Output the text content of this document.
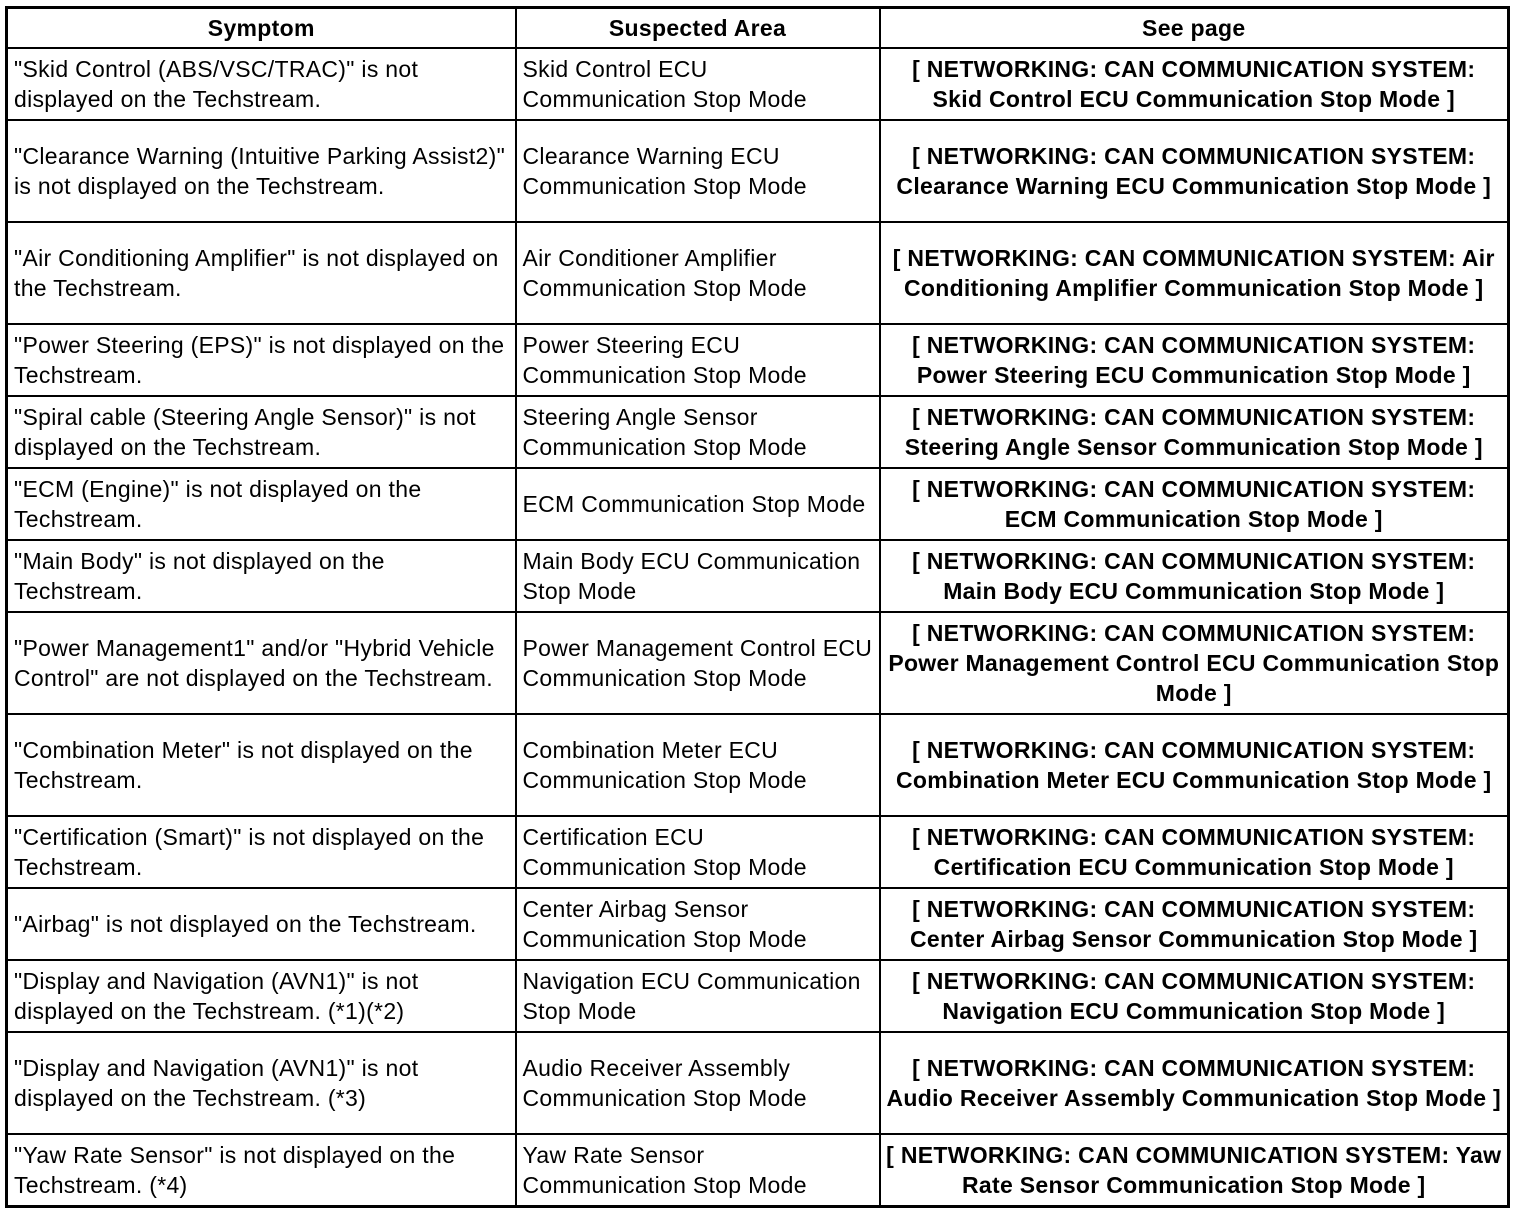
Symptom	Suspected Area	See page
"Skid Control (ABS/VSC/TRAC)" is not displayed on the Techstream.	Skid Control ECU Communication Stop Mode	[ NETWORKING: CAN COMMUNICATION SYSTEM: Skid Control ECU Communication Stop Mode ]
"Clearance Warning (Intuitive Parking Assist2)" is not displayed on the Techstream.	Clearance Warning ECU Communication Stop Mode	[ NETWORKING: CAN COMMUNICATION SYSTEM: Clearance Warning ECU Communication Stop Mode ]
"Air Conditioning Amplifier" is not displayed on the Techstream.	Air Conditioner Amplifier Communication Stop Mode	[ NETWORKING: CAN COMMUNICATION SYSTEM: Air Conditioning Amplifier Communication Stop Mode ]
"Power Steering (EPS)" is not displayed on the Techstream.	Power Steering ECU Communication Stop Mode	[ NETWORKING: CAN COMMUNICATION SYSTEM: Power Steering ECU Communication Stop Mode ]
"Spiral cable (Steering Angle Sensor)" is not displayed on the Techstream.	Steering Angle Sensor Communication Stop Mode	[ NETWORKING: CAN COMMUNICATION SYSTEM: Steering Angle Sensor Communication Stop Mode ]
"ECM (Engine)" is not displayed on the Techstream.	ECM Communication Stop Mode	[ NETWORKING: CAN COMMUNICATION SYSTEM: ECM Communication Stop Mode ]
"Main Body" is not displayed on the Techstream.	Main Body ECU Communication Stop Mode	[ NETWORKING: CAN COMMUNICATION SYSTEM: Main Body ECU Communication Stop Mode ]
"Power Management1" and/or "Hybrid Vehicle Control" are not displayed on the Techstream.	Power Management Control ECU Communication Stop Mode	[ NETWORKING: CAN COMMUNICATION SYSTEM: Power Management Control ECU Communication Stop Mode ]
"Combination Meter" is not displayed on the Techstream.	Combination Meter ECU Communication Stop Mode	[ NETWORKING: CAN COMMUNICATION SYSTEM: Combination Meter ECU Communication Stop Mode ]
"Certification (Smart)" is not displayed on the Techstream.	Certification ECU Communication Stop Mode	[ NETWORKING: CAN COMMUNICATION SYSTEM: Certification ECU Communication Stop Mode ]
"Airbag" is not displayed on the Techstream.	Center Airbag Sensor Communication Stop Mode	[ NETWORKING: CAN COMMUNICATION SYSTEM: Center Airbag Sensor Communication Stop Mode ]
"Display and Navigation (AVN1)" is not displayed on the Techstream. (*1)(*2)	Navigation ECU Communication Stop Mode	[ NETWORKING: CAN COMMUNICATION SYSTEM: Navigation ECU Communication Stop Mode ]
"Display and Navigation (AVN1)" is not displayed on the Techstream. (*3)	Audio Receiver Assembly Communication Stop Mode	[ NETWORKING: CAN COMMUNICATION SYSTEM: Audio Receiver Assembly Communication Stop Mode ]
"Yaw Rate Sensor" is not displayed on the Techstream. (*4)	Yaw Rate Sensor Communication Stop Mode	[ NETWORKING: CAN COMMUNICATION SYSTEM: Yaw Rate Sensor Communication Stop Mode ]
